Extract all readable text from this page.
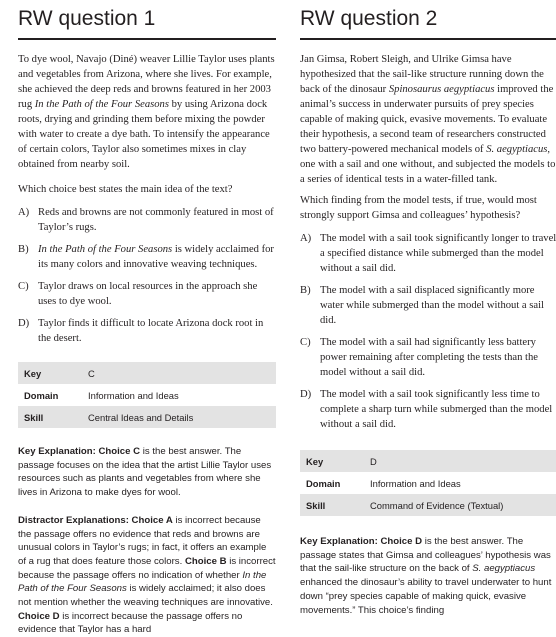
RW question 1

To dye wool, Navajo (Diné) weaver Lillie Taylor uses plants and vegetables from Arizona, where she lives. For example, she achieved the deep reds and browns featured in her 2003 rug In the Path of the Four Seasons by using Arizona dock roots, drying and grinding them before mixing the powder with water to create a dye bath. To intensify the appearance of certain colors, Taylor also sometimes mixes in clay obtained from nearby soil.

Which choice best states the main idea of the text?

A) Reds and browns are not commonly featured in most of Taylor’s rugs.
B) In the Path of the Four Seasons is widely acclaimed for its many colors and innovative weaving techniques.
C) Taylor draws on local resources in the approach she uses to dye wool.
D) Taylor finds it difficult to locate Arizona dock root in the desert.
Key	C
Domain	Information and Ideas
Skill	Central Ideas and Details

Key Explanation: Choice C is the best answer. The passage focuses on the idea that the artist Lillie Taylor uses resources such as plants and vegetables from where she lives in Arizona to make dyes for wool.

Distractor Explanations: Choice A is incorrect because the passage offers no evidence that reds and browns are unusual colors in Taylor’s rugs; in fact, it offers an example of a rug that does feature those colors. Choice B is incorrect because the passage offers no indication of whether In the Path of the Four Seasons is widely acclaimed; it also does not mention whether the weaving techniques are innovative. Choice D is incorrect because the passage offers no evidence that Taylor has a hard

RW question 2

Jan Gimsa, Robert Sleigh, and Ulrike Gimsa have hypothesized that the sail-like structure running down the back of the dinosaur Spinosaurus aegyptiacus improved the animal’s success in underwater pursuits of prey species capable of making quick, evasive movements. To evaluate their hypothesis, a second team of researchers constructed two battery-powered mechanical models of S. aegyptiacus, one with a sail and one without, and subjected the models to a series of identical tests in a water-filled tank.

Which finding from the model tests, if true, would most strongly support Gimsa and colleagues’ hypothesis?

A) The model with a sail took significantly longer to travel a specified distance while submerged than the model without a sail did.
B) The model with a sail displaced significantly more water while submerged than the model without a sail did.
C) The model with a sail had significantly less battery power remaining after completing the tests than the model without a sail did.
D) The model with a sail took significantly less time to complete a sharp turn while submerged than the model without a sail did.
Key	D
Domain	Information and Ideas
Skill	Command of Evidence (Textual)

Key Explanation: Choice D is the best answer. The passage states that Gimsa and colleagues’ hypothesis was that the sail-like structure on the back of S. aegyptiacus enhanced the dinosaur’s ability to travel underwater to hunt down “prey species capable of making quick, evasive movements.” This choice’s finding
